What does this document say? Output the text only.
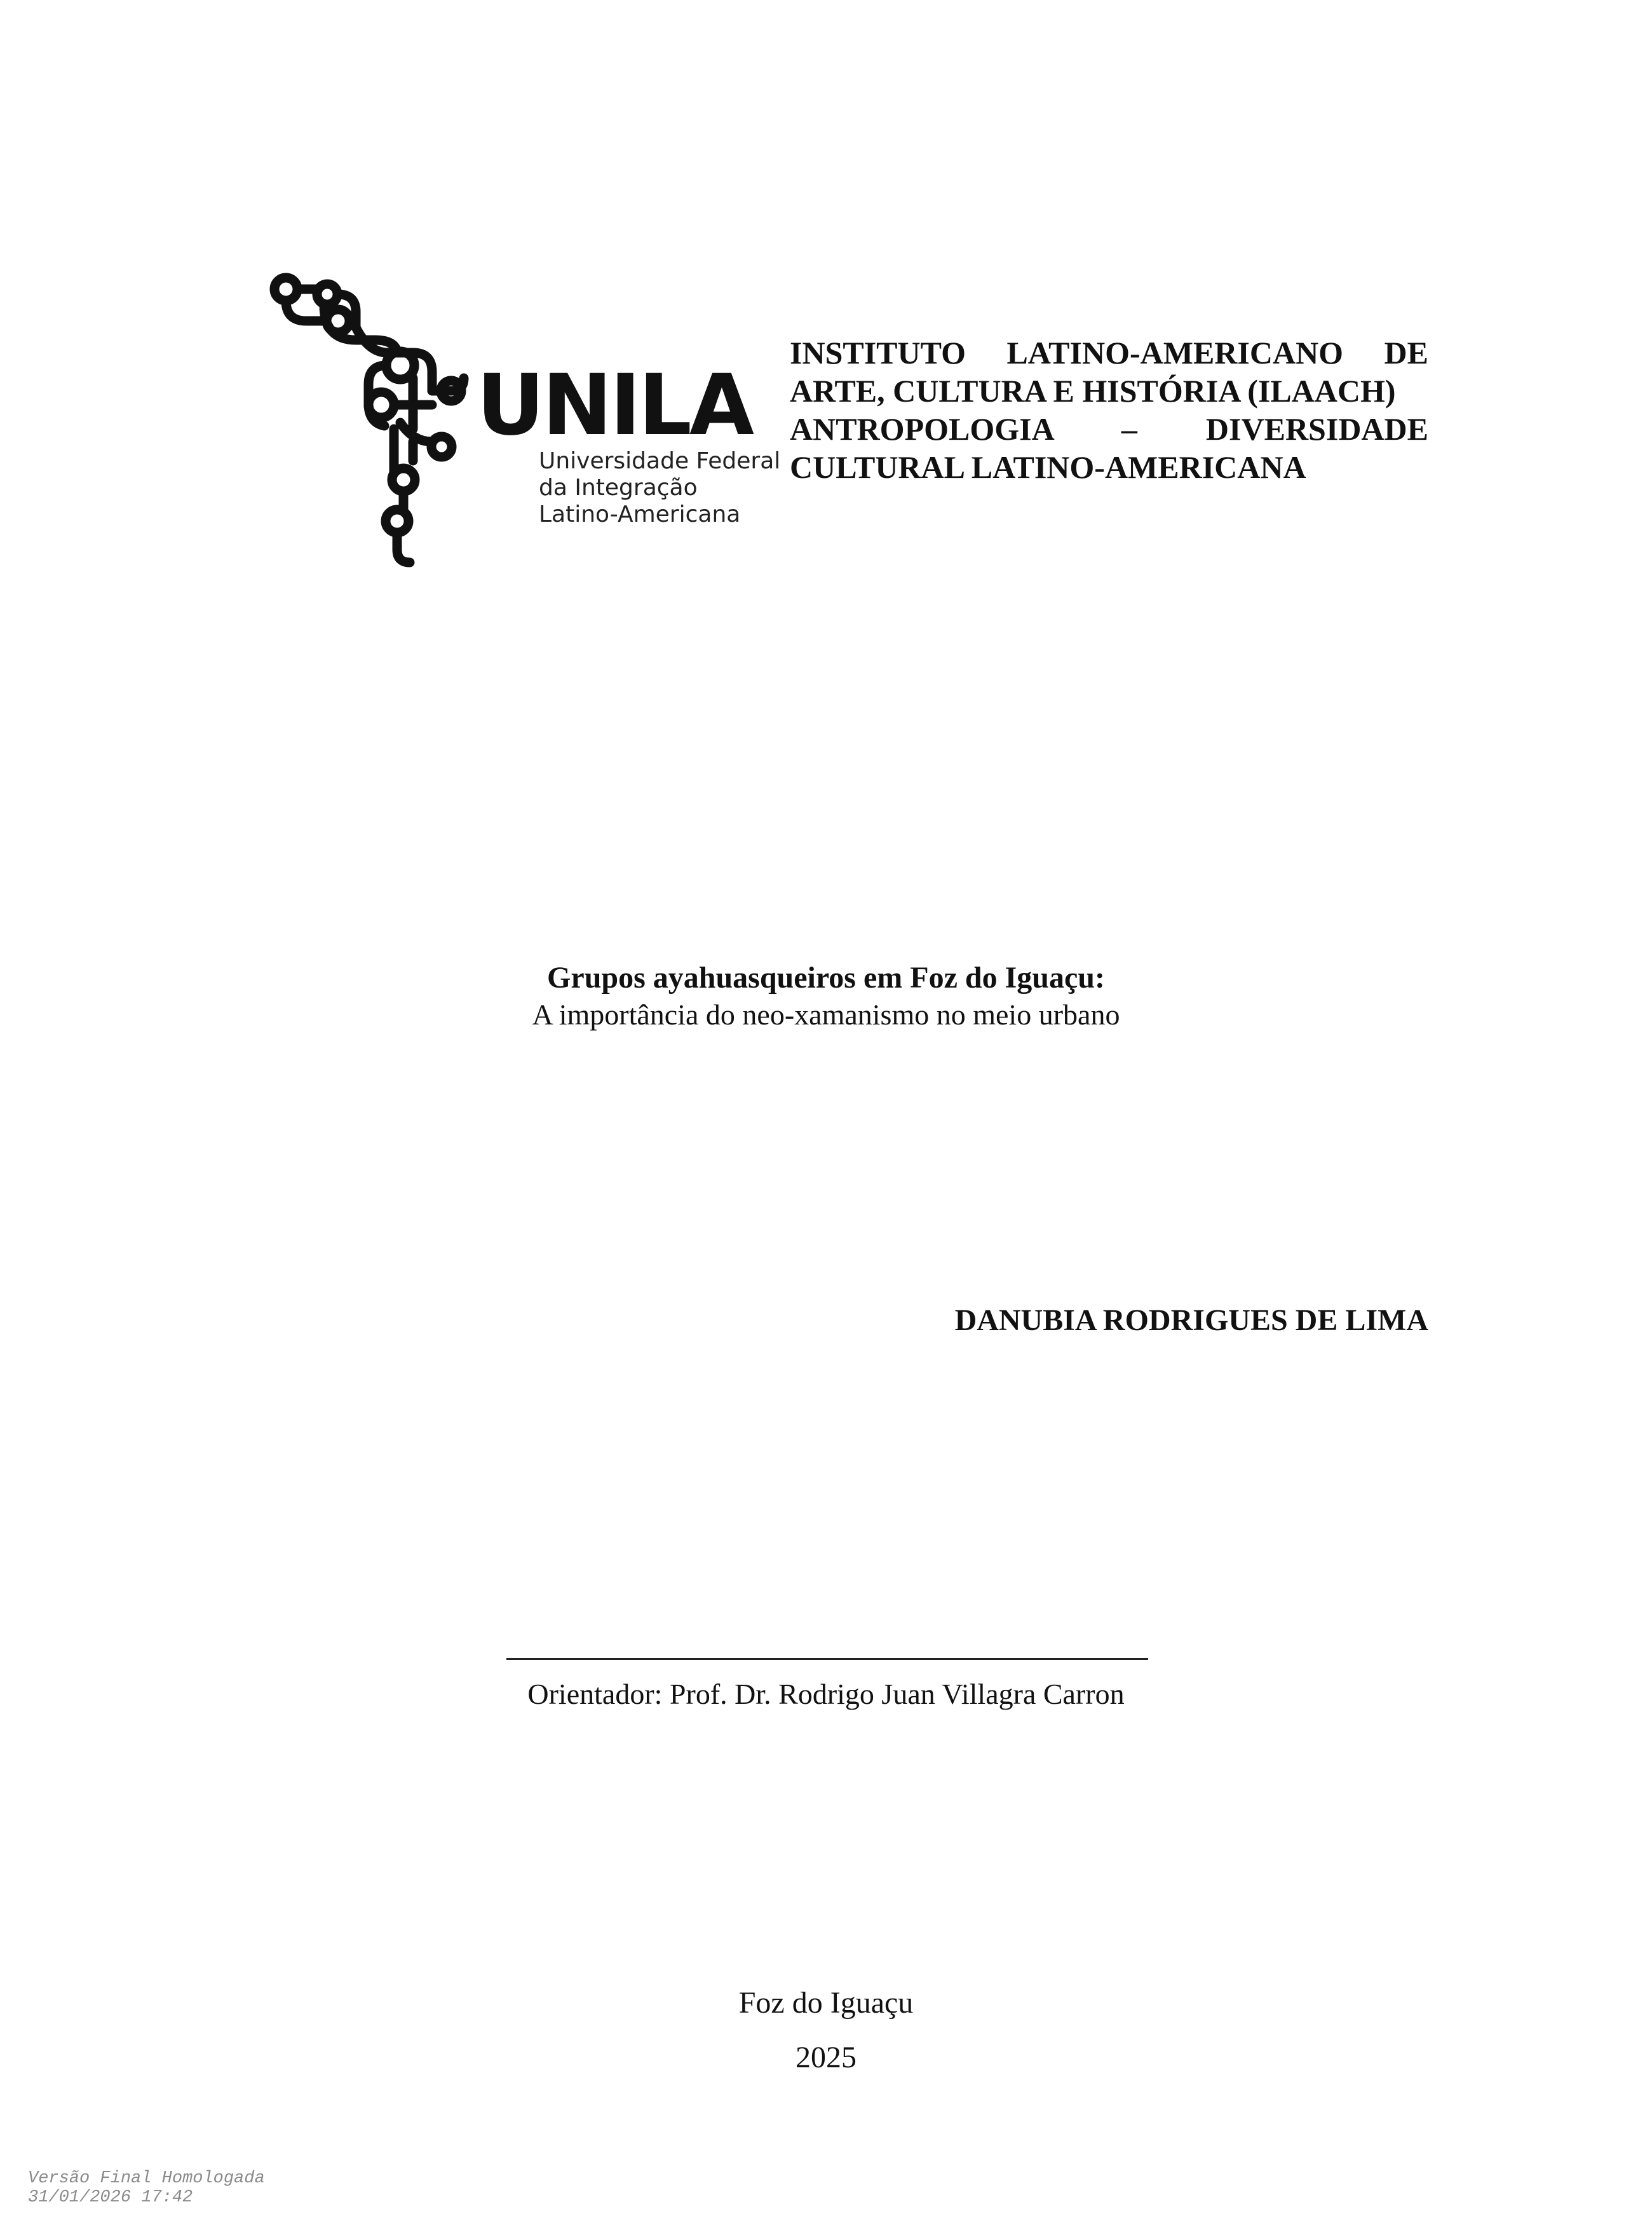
UNILA
Universidade Federal
da Integração
Latino-Americana
INSTITUTO LATINO-AMERICANO DE
ARTE, CULTURA E HISTÓRIA (ILAACH)
ANTROPOLOGIA – DIVERSIDADE
CULTURAL LATINO-AMERICANA
Grupos ayahuasqueiros em Foz do Iguaçu:
A importância do neo-xamanismo no meio urbano
DANUBIA RODRIGUES DE LIMA
Orientador: Prof. Dr. Rodrigo Juan Villagra Carron
Foz do Iguaçu
2025
Versão Final Homologada
31/01/2026 17:42
